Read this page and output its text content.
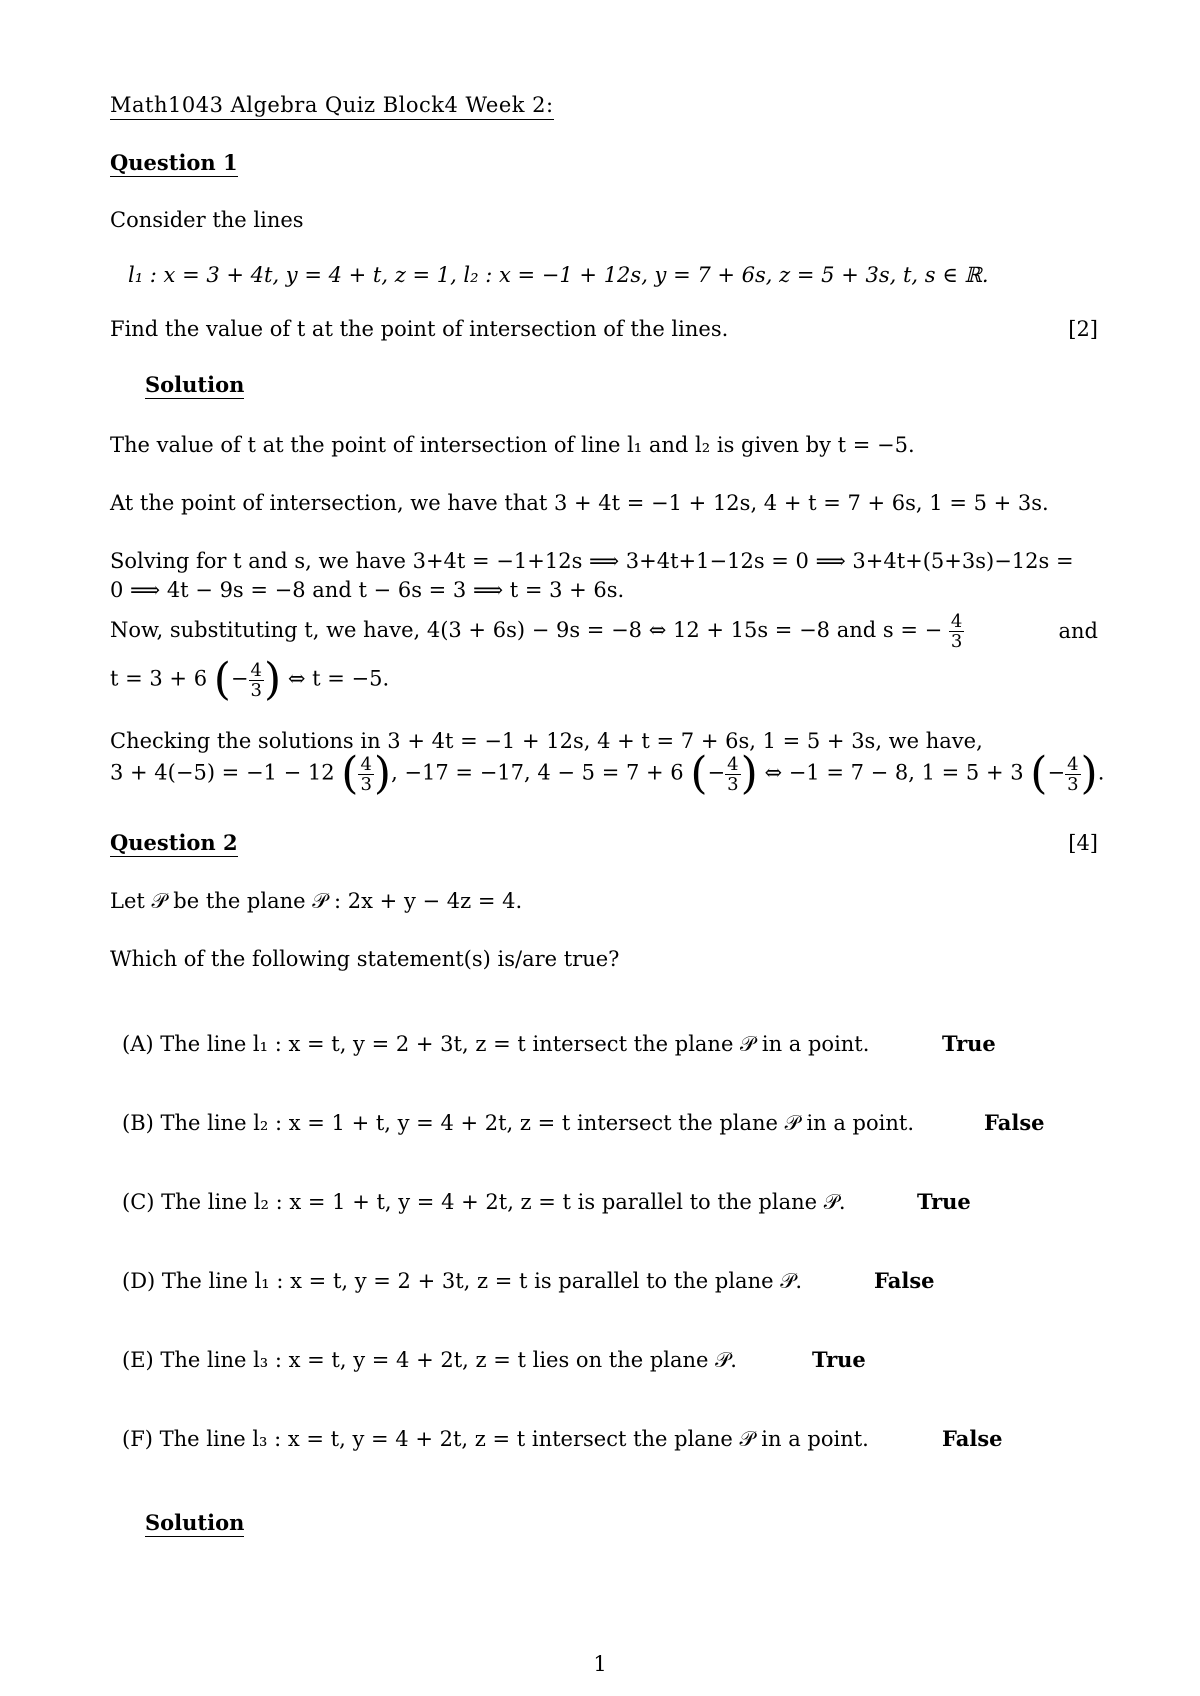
Math1043 Algebra Quiz Block4 Week 2:
Question 1
Consider the lines
l₁ : x = 3 + 4t, y = 4 + t, z = 1, l₂ : x = −1 + 12s, y = 7 + 6s, z = 5 + 3s, t, s ∈ ℝ.
Find the value of t at the point of intersection of the lines.	[2]
Solution
The value of t at the point of intersection of line l₁ and l₂ is given by t = −5.
At the point of intersection, we have that 3 + 4t = −1 + 12s, 4 + t = 7 + 6s, 1 = 5 + 3s.
Solving for t and s, we have 3+4t = −1+12s ⟹ 3+4t+1−12s = 0 ⟹ 3+4t+(5+3s)−12s =
0 ⟹ 4t − 9s = −8 and t − 6s = 3 ⟹ t = 3 + 6s.
Now, substituting t, we have, 4(3 + 6s) − 9s = −8 ⇔ 12 + 15s = −8 and s = − $\frac{4}{3}$	and
t = 3 + 6 (− $\frac{4}{3}$ ) ⇔ t = −5.
Checking the solutions in 3 + 4t = −1 + 12s, 4 + t = 7 + 6s, 1 = 5 + 3s, we have,
3 + 4(−5) = −1 − 12 ( $\frac{4}{3}$ ), −17 = −17, 4 − 5 = 7 + 6 (− $\frac{4}{3}$ ) ⇔ −1 = 7 − 8, 1 = 5 + 3 (− $\frac{4}{3}$ ).
Question 2	[4]
Let 𝒫 be the plane 𝒫 : 2x + y − 4z = 4.
Which of the following statement(s) is/are true?
(A) The line l₁ : x = t, y = 2 + 3t, z = t intersect the plane 𝒫 in a point.	True
(B) The line l₂ : x = 1 + t, y = 4 + 2t, z = t intersect the plane 𝒫 in a point.	False
(C) The line l₂ : x = 1 + t, y = 4 + 2t, z = t is parallel to the plane 𝒫.	True
(D) The line l₁ : x = t, y = 2 + 3t, z = t is parallel to the plane 𝒫.	False
(E) The line l₃ : x = t, y = 4 + 2t, z = t lies on the plane 𝒫.	True
(F) The line l₃ : x = t, y = 4 + 2t, z = t intersect the plane 𝒫 in a point.	False
Solution
1
